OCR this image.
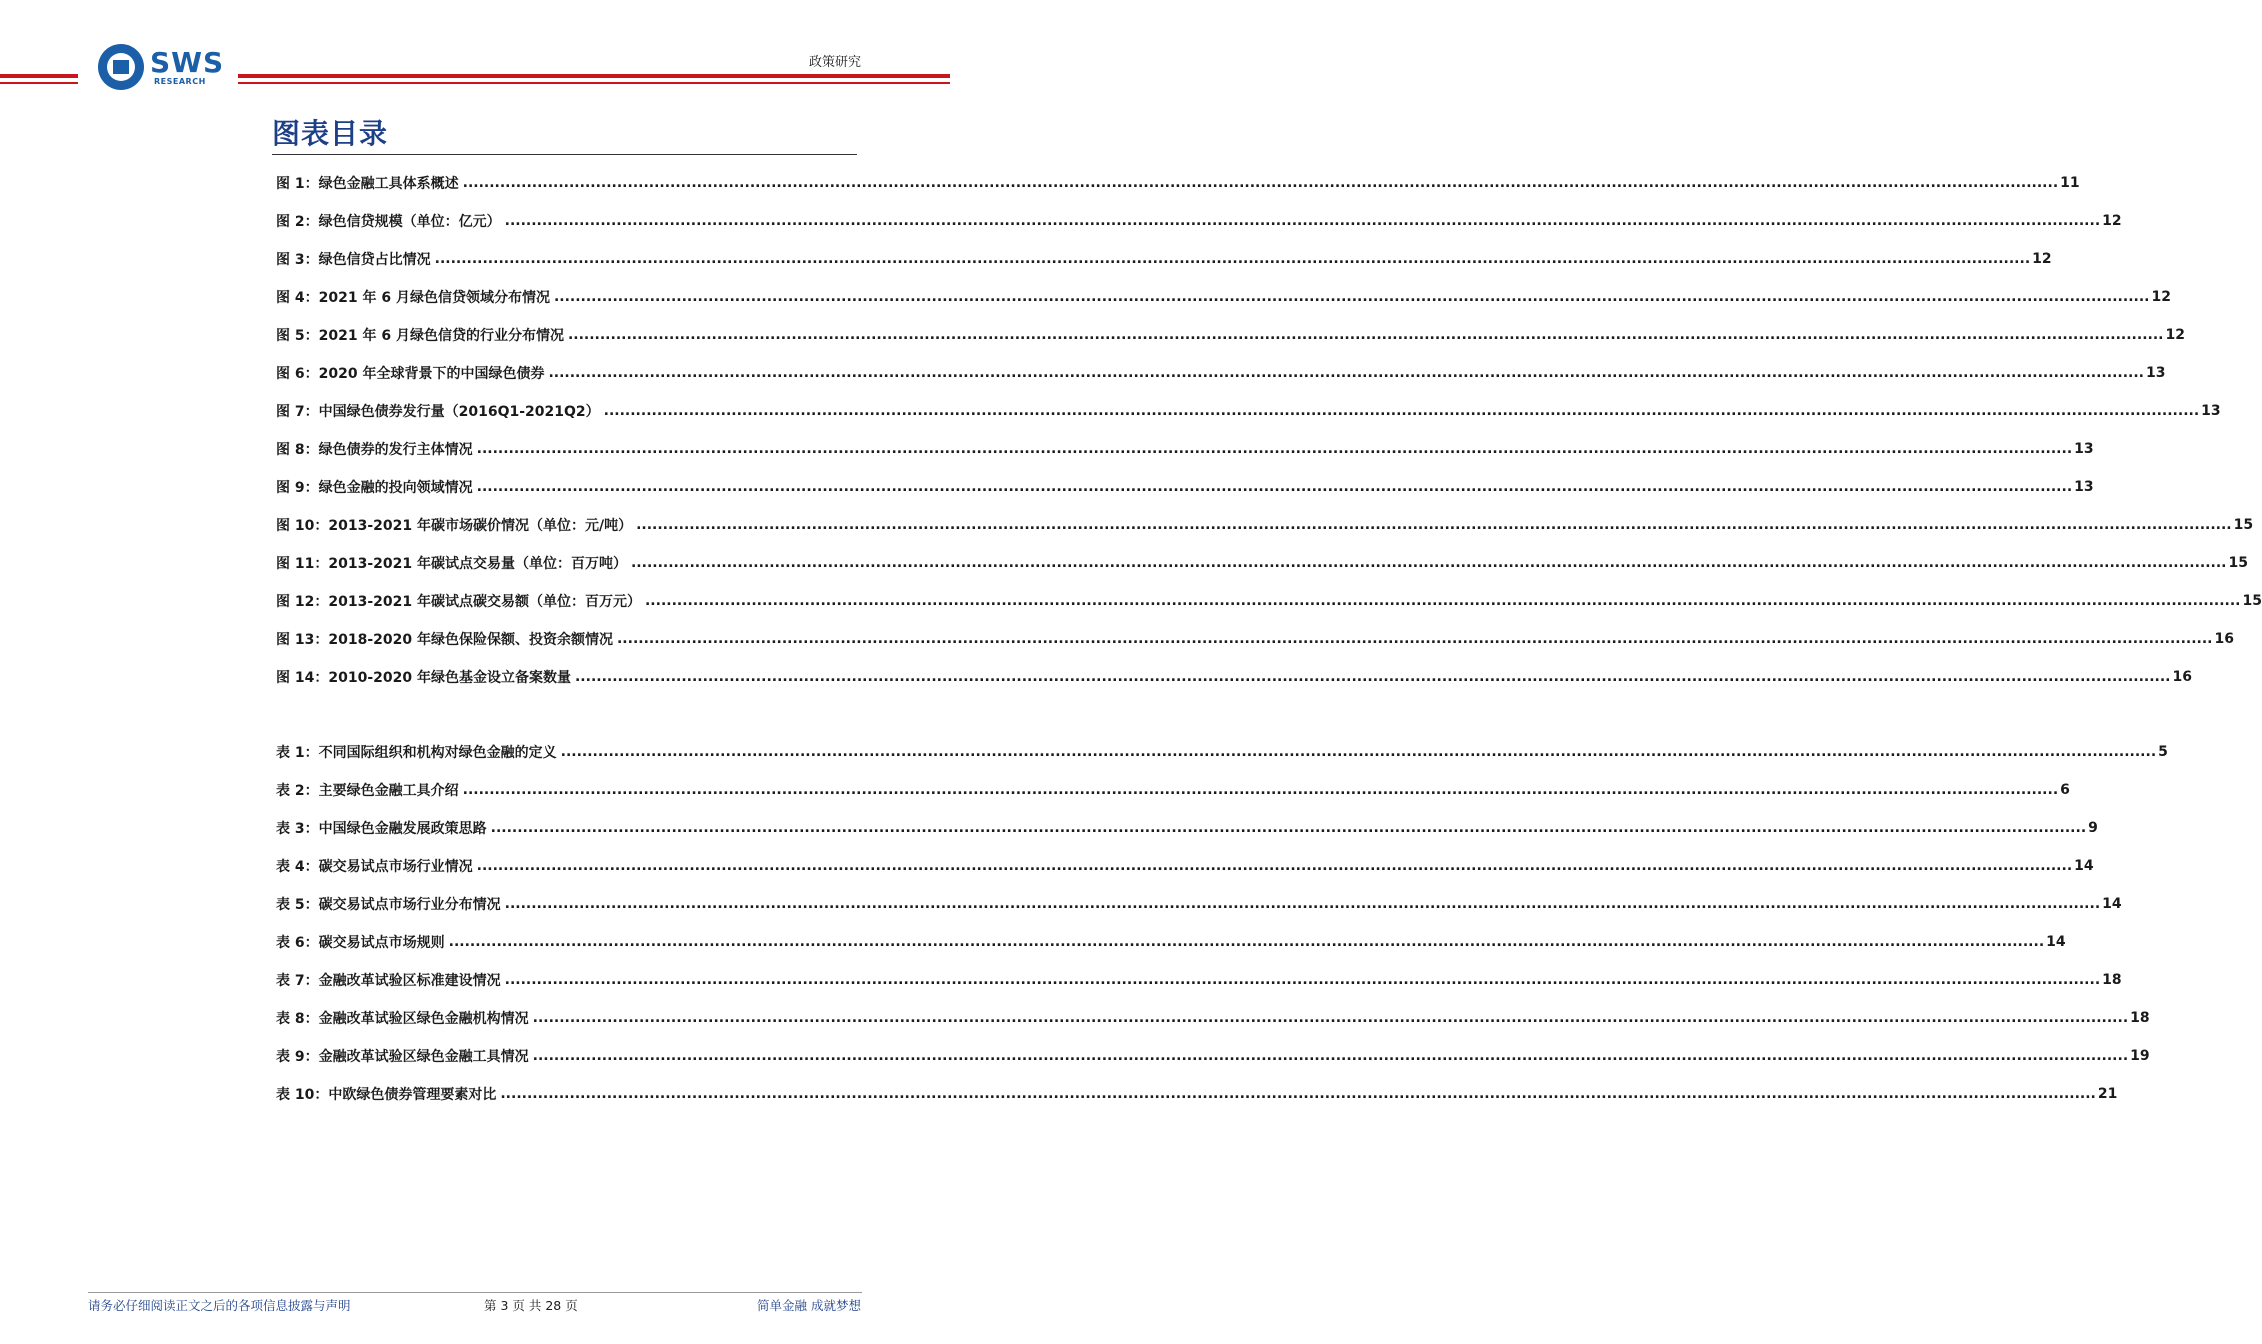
SWS
RESEARCH
政策研究
图表目录
图 1：绿色金融工具体系概述 ............................................................................................................................................................................................................................................................................................................ 11
图 2：绿色信贷规模（单位：亿元） ............................................................................................................................................................................................................................................................................................................ 12
图 3：绿色信贷占比情况 ............................................................................................................................................................................................................................................................................................................ 12
图 4：2021 年 6 月绿色信贷领域分布情况 ............................................................................................................................................................................................................................................................................................................ 12
图 5：2021 年 6 月绿色信贷的行业分布情况 ............................................................................................................................................................................................................................................................................................................ 12
图 6：2020 年全球背景下的中国绿色债券 ............................................................................................................................................................................................................................................................................................................ 13
图 7：中国绿色债券发行量（2016Q1-2021Q2） ............................................................................................................................................................................................................................................................................................................ 13
图 8：绿色债券的发行主体情况 ............................................................................................................................................................................................................................................................................................................ 13
图 9：绿色金融的投向领域情况 ............................................................................................................................................................................................................................................................................................................ 13
图 10：2013-2021 年碳市场碳价情况（单位：元/吨） ............................................................................................................................................................................................................................................................................................................ 15
图 11：2013-2021 年碳试点交易量（单位：百万吨） ............................................................................................................................................................................................................................................................................................................ 15
图 12：2013-2021 年碳试点碳交易额（单位：百万元） ............................................................................................................................................................................................................................................................................................................ 15
图 13：2018-2020 年绿色保险保额、投资余额情况 ............................................................................................................................................................................................................................................................................................................ 16
图 14：2010-2020 年绿色基金设立备案数量 ............................................................................................................................................................................................................................................................................................................ 16
表 1：不同国际组织和机构对绿色金融的定义 ............................................................................................................................................................................................................................................................................................................ 5
表 2：主要绿色金融工具介绍 ............................................................................................................................................................................................................................................................................................................ 6
表 3：中国绿色金融发展政策思路 ............................................................................................................................................................................................................................................................................................................ 9
表 4：碳交易试点市场行业情况 ............................................................................................................................................................................................................................................................................................................ 14
表 5：碳交易试点市场行业分布情况 ............................................................................................................................................................................................................................................................................................................ 14
表 6：碳交易试点市场规则 ............................................................................................................................................................................................................................................................................................................ 14
表 7：金融改革试验区标准建设情况 ............................................................................................................................................................................................................................................................................................................ 18
表 8：金融改革试验区绿色金融机构情况 ............................................................................................................................................................................................................................................................................................................ 18
表 9：金融改革试验区绿色金融工具情况 ............................................................................................................................................................................................................................................................................................................ 19
表 10：中欧绿色债券管理要素对比 ............................................................................................................................................................................................................................................................................................................ 21
请务必仔细阅读正文之后的各项信息披露与声明	第 3 页 共 28 页	简单金融 成就梦想
